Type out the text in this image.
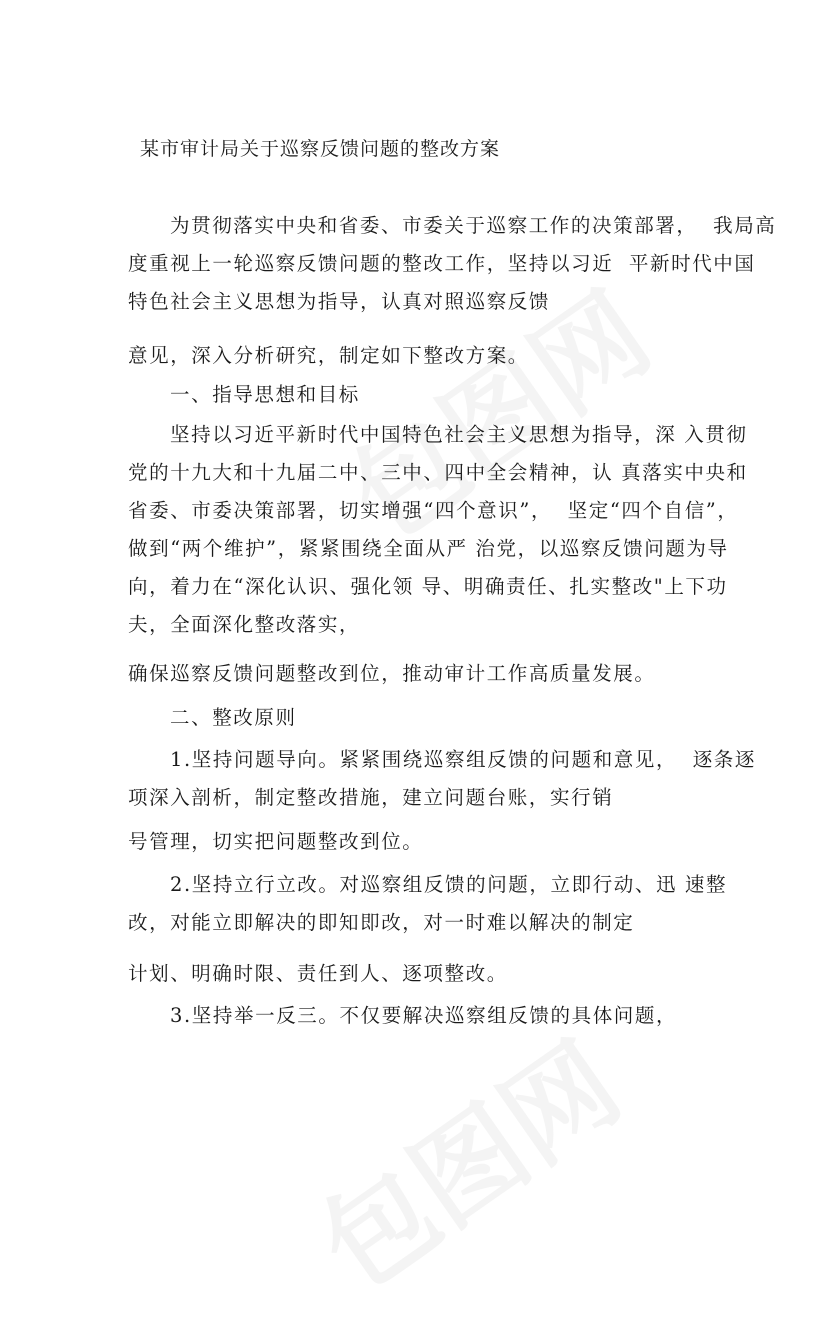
某市审计局关于巡察反馈问题的整改方案
为贯彻落实中央和省委、市委关于巡察工作的决策部署，  我局高
度重视上一轮巡察反馈问题的整改工作，坚持以习近  平新时代中国
特色社会主义思想为指导，认真对照巡察反馈
意见，深入分析研究，制定如下整改方案。
一、指导思想和目标
坚持以习近平新时代中国特色社会主义思想为指导，深 入贯彻
党的十九大和十九届二中、三中、四中全会精神，认 真落实中央和
省委、市委决策部署，切实增强“四个意识”，  坚定“四个自信”，
做到“两个维护”，紧紧围绕全面从严 治党，以巡察反馈问题为导
向，着力在“深化认识、强化领 导、明确责任、扎实整改"上下功
夫，全面深化整改落实，
确保巡察反馈问题整改到位，推动审计工作高质量发展。
二、整改原则
1.坚持问题导向。紧紧围绕巡察组反馈的问题和意见，  逐条逐
项深入剖析，制定整改措施，建立问题台账，实行销
号管理，切实把问题整改到位。
2.坚持立行立改。对巡察组反馈的问题，立即行动、迅 速整
改，对能立即解决的即知即改，对一时难以解决的制定
计划、明确时限、责任到人、逐项整改。
3.坚持举一反三。不仅要解决巡察组反馈的具体问题，
